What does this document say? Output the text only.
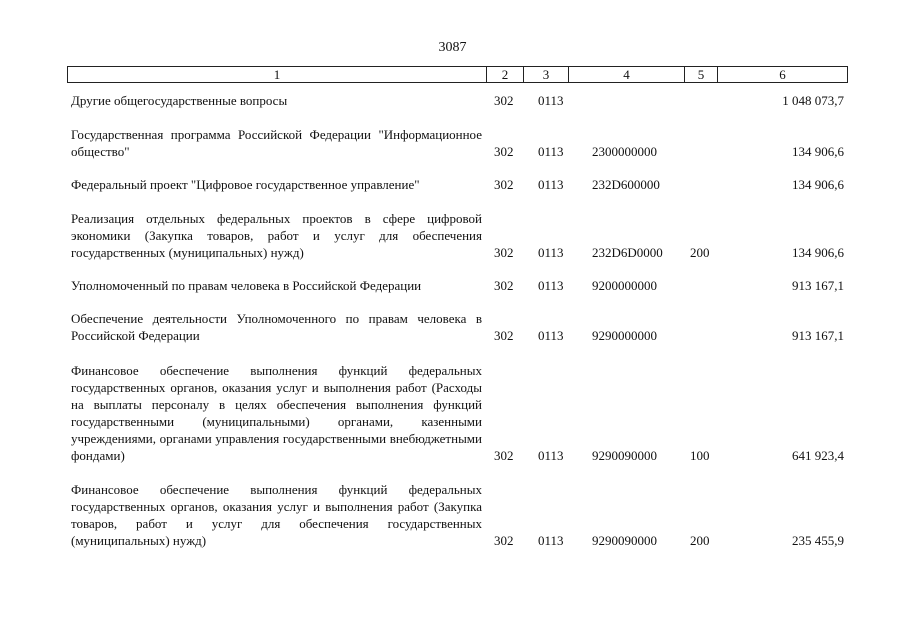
3087
1	2	3	4	5	6
Другие общегосударственные вопросы	302 0113	1 048 073,7
Государственная программа Российской Федерации "Информационное общество"	302 0113 2300000000	134 906,6
Федеральный проект "Цифровое государственное управление"	302 0113 232D600000	134 906,6
Реализация отдельных федеральных проектов в сфере цифровой экономики (Закупка товаров, работ и услуг для обеспечения государственных (муниципальных) нужд)	302 0113 232D6D0000 200	134 906,6
Уполномоченный по правам человека в Российской Федерации	302 0113 9200000000	913 167,1
Обеспечение деятельности Уполномоченного по правам человека в Российской Федерации	302 0113 9290000000	913 167,1
Финансовое обеспечение выполнения функций федеральных государственных органов, оказания услуг и выполнения работ (Расходы на выплаты персоналу в целях обеспечения выполнения функций государственными (муниципальными) органами, казенными учреждениями, органами управления государственными внебюджетными фондами)	302 0113 9290090000	100	641 923,4
Финансовое обеспечение выполнения функций федеральных государственных органов, оказания услуг и выполнения работ (Закупка товаров, работ и услуг для обеспечения государственных (муниципальных) нужд)	302 0113 9290090000	200	235 455,9
